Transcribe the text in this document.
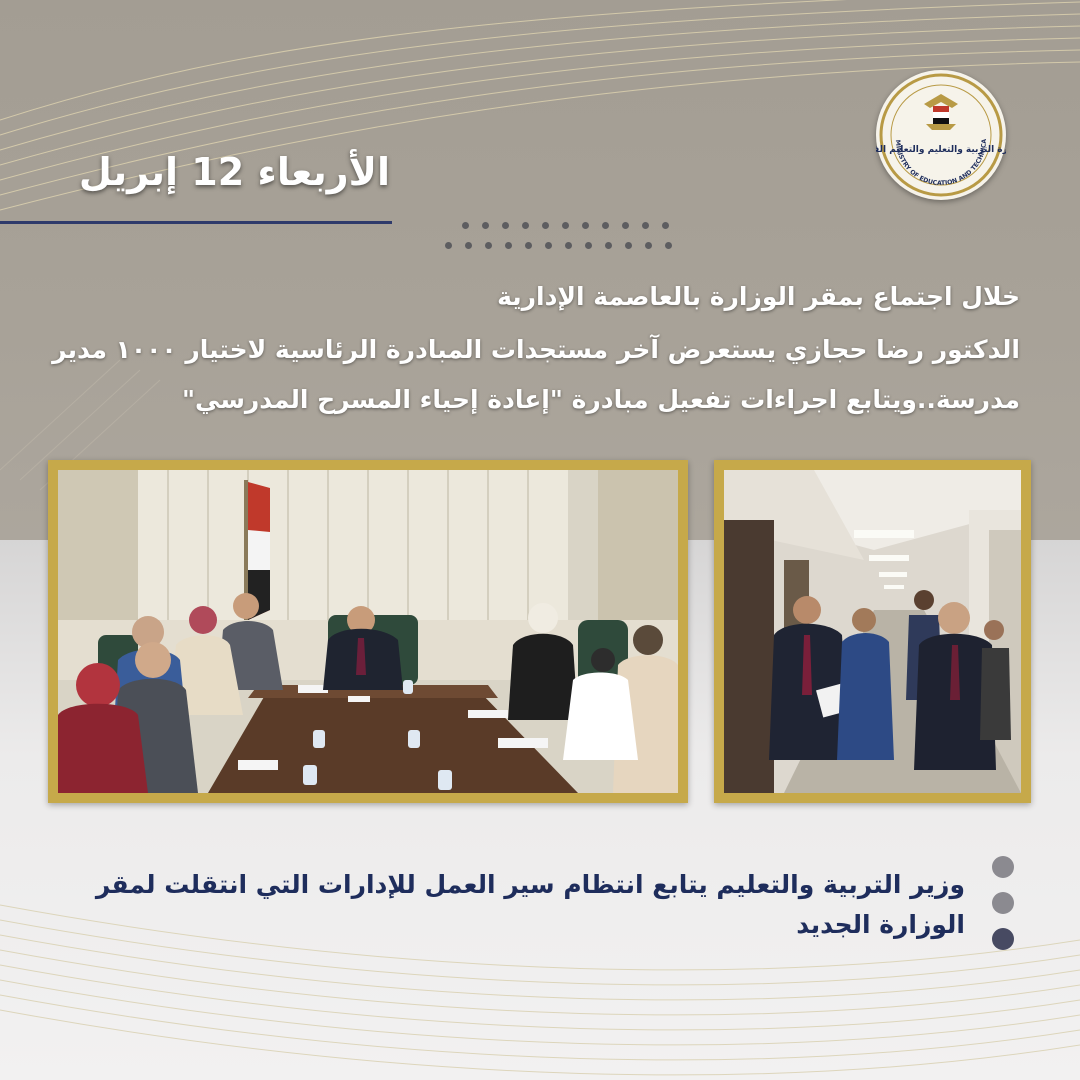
رة التربية والتعليم والتعليم ال
MINISTRY OF EDUCATION AND TECHNICA
الأربعاء 12 إبريل
خلال اجتماع بمقر الوزارة بالعاصمة الإدارية
الدكتور رضا حجازي يستعرض آخر مستجدات المبادرة الرئاسية لاختيار ١٠٠٠ مدير
مدرسة..ويتابع اجراءات تفعيل مبادرة "إعادة إحياء المسرح المدرسي"
وزير التربية والتعليم يتابع انتظام سير العمل للإدارات التي انتقلت لمقر
الوزارة الجديد
